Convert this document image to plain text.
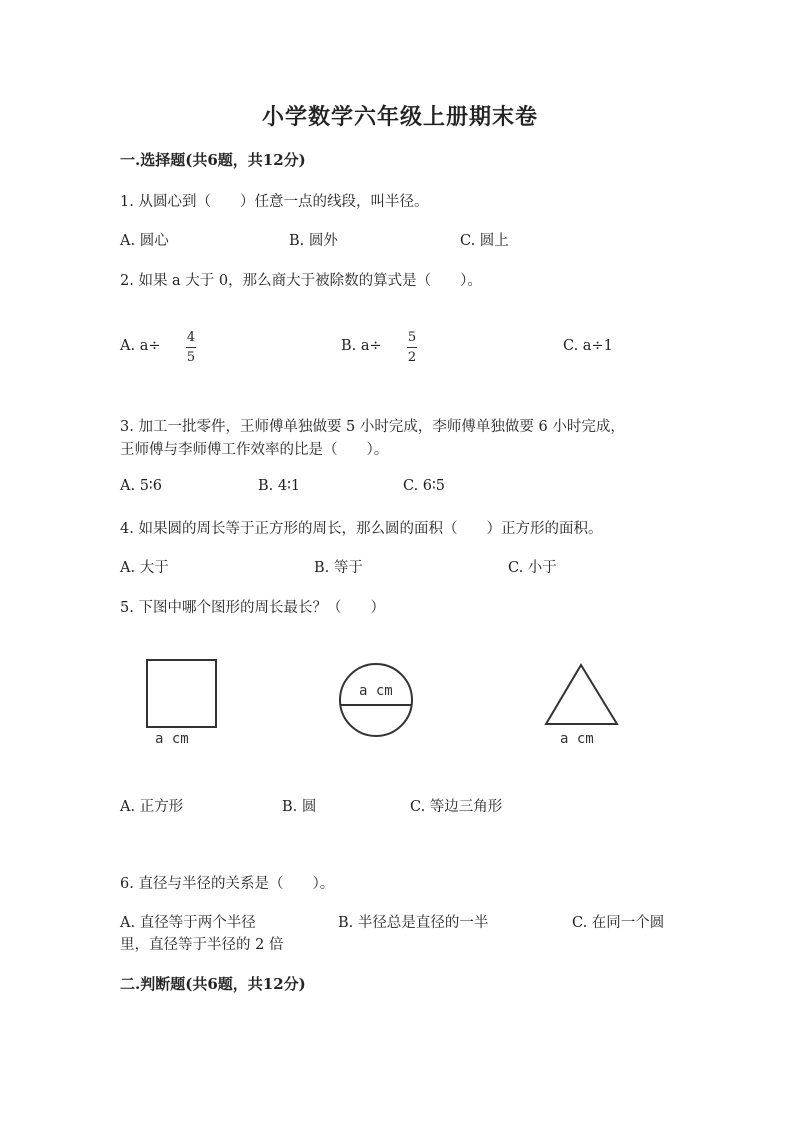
小学数学六年级上册期末卷
一.选择题(共6题，共12分)
1. 从圆心到（　　）任意一点的线段，叫半径。
A. 圆心	B. 圆外	C. 圆上
2. 如果 a 大于 0，那么商大于被除数的算式是（　　）。
A. a÷
4
5
B. a÷
5
2
C. a÷1
3. 加工一批零件，王师傅单独做要 5 小时完成，李师傅单独做要 6 小时完成，
王师傅与李师傅工作效率的比是（　　）。
A. 5∶6	B. 4∶1	C. 6∶5
4. 如果圆的周长等于正方形的周长，那么圆的面积（　　）正方形的面积。
A. 大于	B. 等于	C. 小于
5. 下图中哪个图形的周长最长？（　　）
a cm
a cm
a cm
A. 正方形	B. 圆	C. 等边三角形
6. 直径与半径的关系是（　　）。
A. 直径等于两个半径	B. 半径总是直径的一半	C. 在同一个圆
里，直径等于半径的 2 倍
二.判断题(共6题，共12分)
